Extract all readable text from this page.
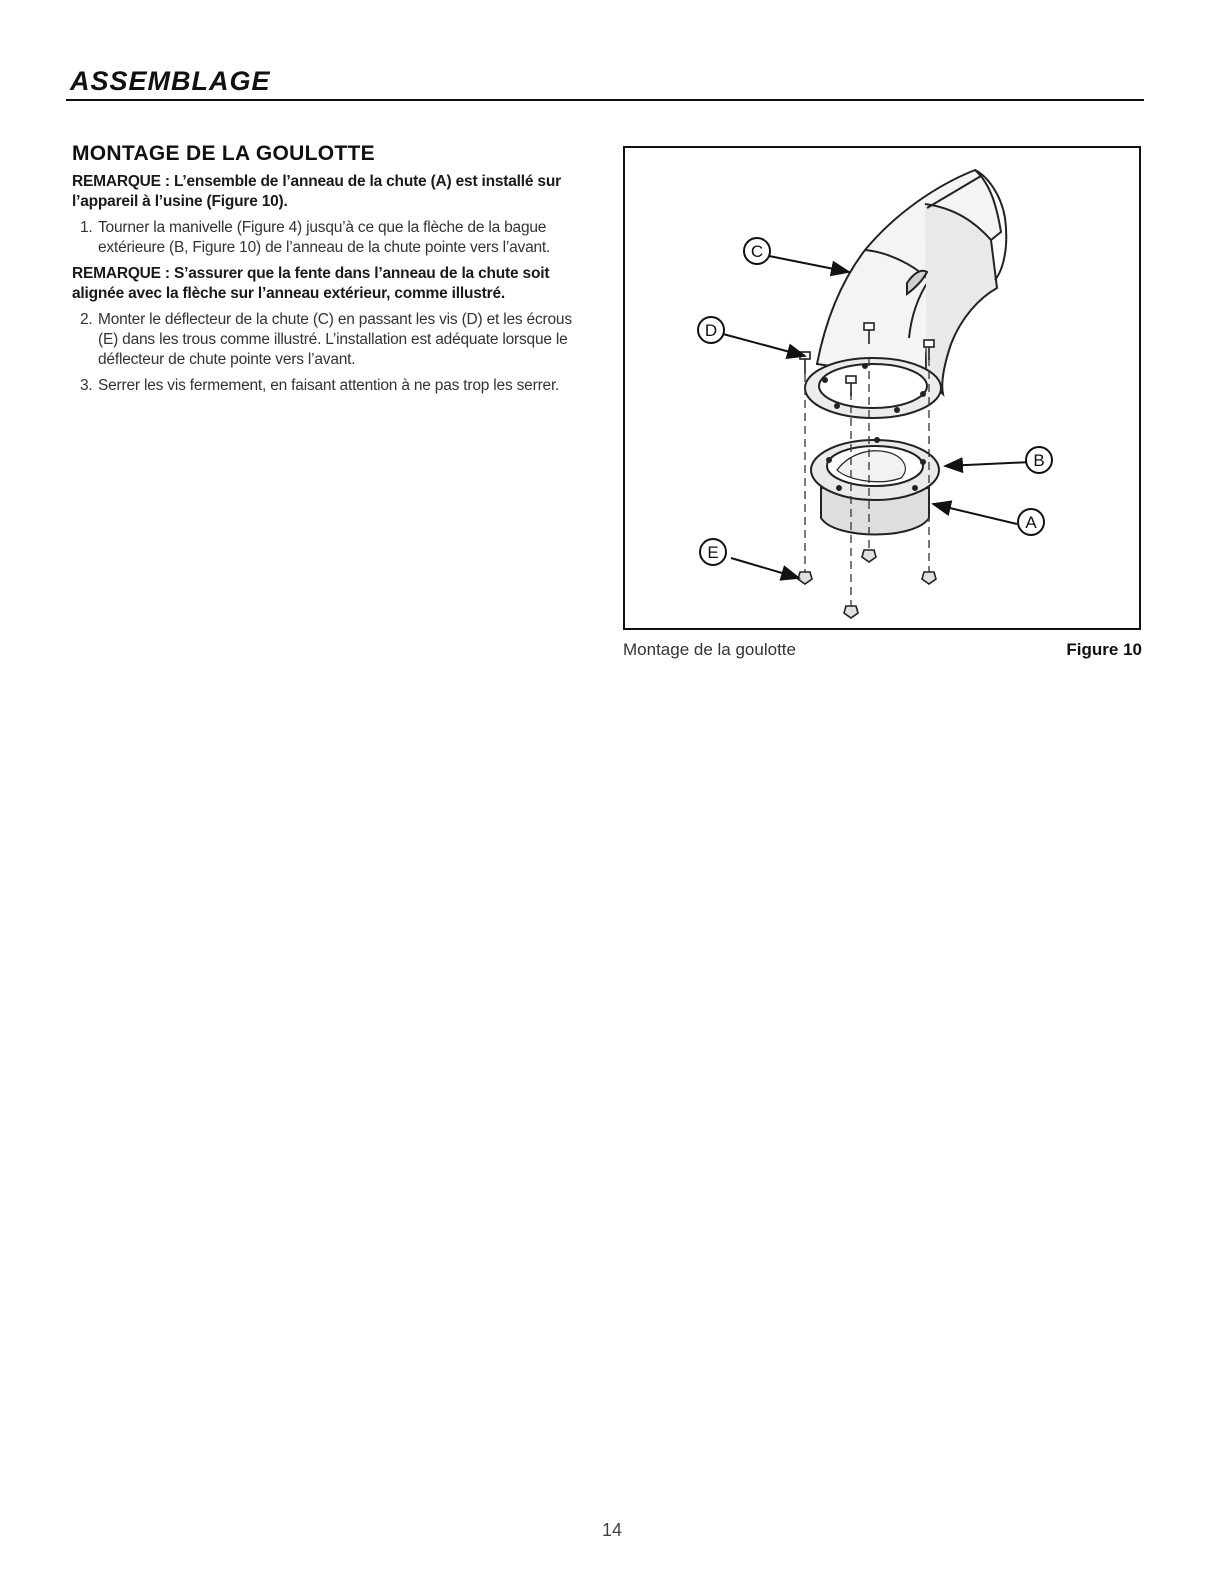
ASSEMBLAGE
MONTAGE DE LA GOULOTTE
REMARQUE : L’ensemble de l’anneau de la chute (A) est installé sur l’appareil à l’usine (Figure 10).
1. Tourner la manivelle (Figure 4) jusqu’à ce que la flèche de la bague extérieure (B, Figure 10) de l’anneau de la chute pointe vers l’avant.
REMARQUE : S’assurer que la fente dans l’anneau de la chute soit alignée avec la flèche sur l’anneau extérieur, comme illustré.
2. Monter le déflecteur de la chute (C) en passant les vis (D) et les écrous (E) dans les trous comme illustré. L’installation est adéquate lorsque le déflecteur de chute pointe vers l’avant.
3. Serrer les vis fermement, en faisant attention à ne pas trop les serrer.
C
D
B
A
E
Montage de la goulotte	Figure 10
14
